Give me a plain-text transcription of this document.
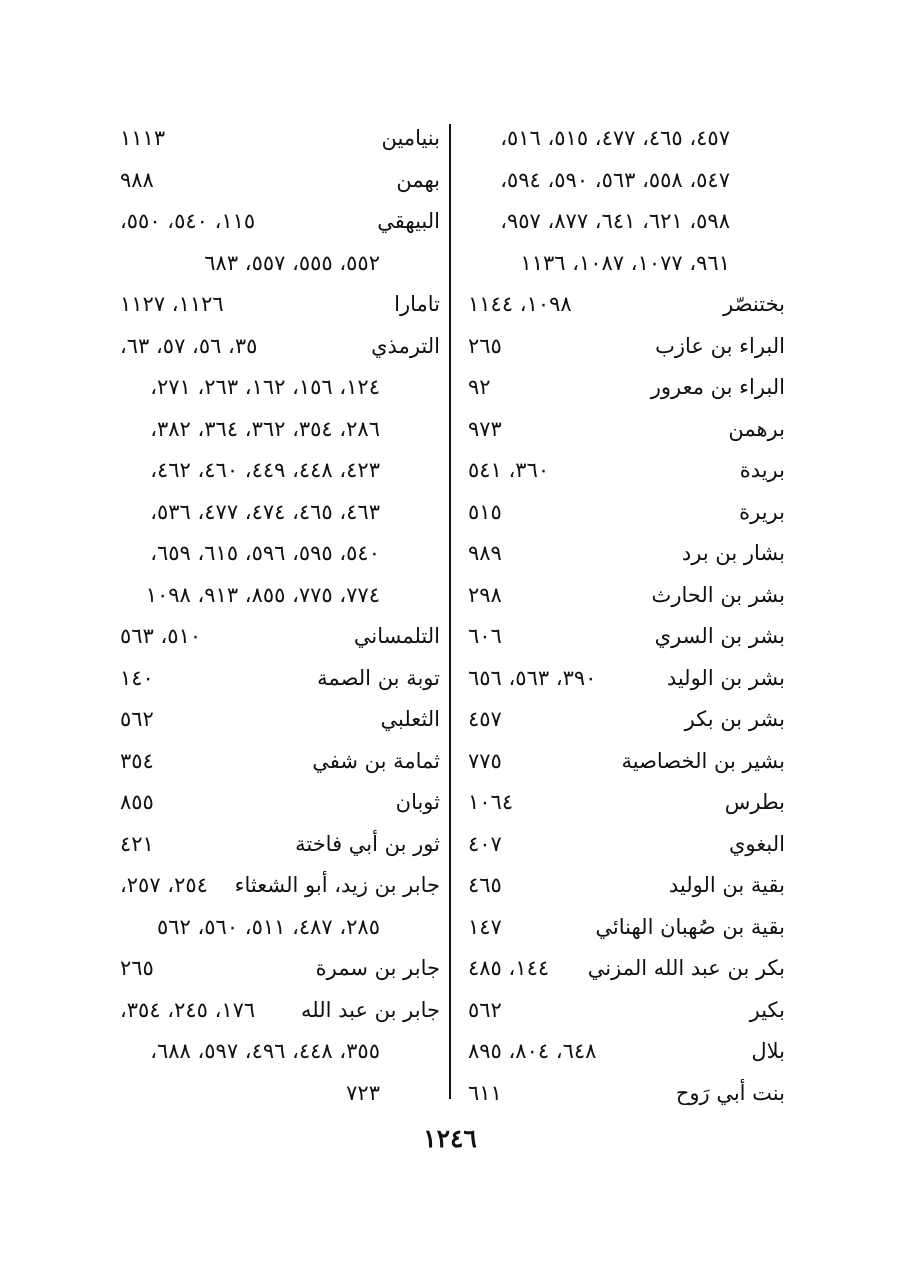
٤٥٧، ٤٦٥، ٤٧٧، ٥١٥، ٥١٦،
٥٤٧، ٥٥٨، ٥٦٣، ٥٩٠، ٥٩٤،
٥٩٨، ٦٢١، ٦٤١، ٨٧٧، ٩٥٧،
٩٦١، ١٠٧٧، ١٠٨٧، ١١٣٦
بختنصّر
١٠٩٨، ١١٤٤
البراء بن عازب
٢٦٥
البراء بن معرور
٩٢
برهمن
٩٧٣
بريدة
٣٦٠، ٥٤١
بريرة
٥١٥
بشار بن برد
٩٨٩
بشر بن الحارث
٢٩٨
بشر بن السري
٦٠٦
بشر بن الوليد
٣٩٠، ٥٦٣، ٦٥٦
بشر بن بكر
٤٥٧
بشير بن الخصاصية
٧٧٥
بطرس
١٠٦٤
البغوي
٤٠٧
بقية بن الوليد
٤٦٥
بقية بن صُهبان الهنائي
١٤٧
بكر بن عبد الله المزني
١٤٤، ٤٨٥
بكير
٥٦٢
بلال
٦٤٨، ٨٠٤، ٨٩٥
بنت أبي رَوح
٦١١
بنيامين
١١١٣
بهمن
٩٨٨
البيهقي
١١٥، ٥٤٠، ٥٥٠،
٥٥٢، ٥٥٥، ٥٥٧، ٦٨٣
تامارا
١١٢٦، ١١٢٧
الترمذي
٣٥، ٥٦، ٥٧، ٦٣،
١٢٤، ١٥٦، ١٦٢، ٢٦٣، ٢٧١،
٢٨٦، ٣٥٤، ٣٦٢، ٣٦٤، ٣٨٢،
٤٢٣، ٤٤٨، ٤٤٩، ٤٦٠، ٤٦٢،
٤٦٣، ٤٦٥، ٤٧٤، ٤٧٧، ٥٣٦،
٥٤٠، ٥٩٥، ٥٩٦، ٦١٥، ٦٥٩،
٧٧٤، ٧٧٥، ٨٥٥، ٩١٣، ١٠٩٨
التلمساني
٥١٠، ٥٦٣
توبة بن الصمة
١٤٠
الثعلبي
٥٦٢
ثمامة بن شفي
٣٥٤
ثوبان
٨٥٥
ثور بن أبي فاختة
٤٢١
جابر بن زيد، أبو الشعثاء
٢٥٤، ٢٥٧،
٢٨٥، ٤٨٧، ٥١١، ٥٦٠، ٥٦٢
جابر بن سمرة
٢٦٥
جابر بن عبد الله
١٧٦، ٢٤٥، ٣٥٤،
٣٥٥، ٤٤٨، ٤٩٦، ٥٩٧، ٦٨٨،
٧٢٣
١٢٤٦
